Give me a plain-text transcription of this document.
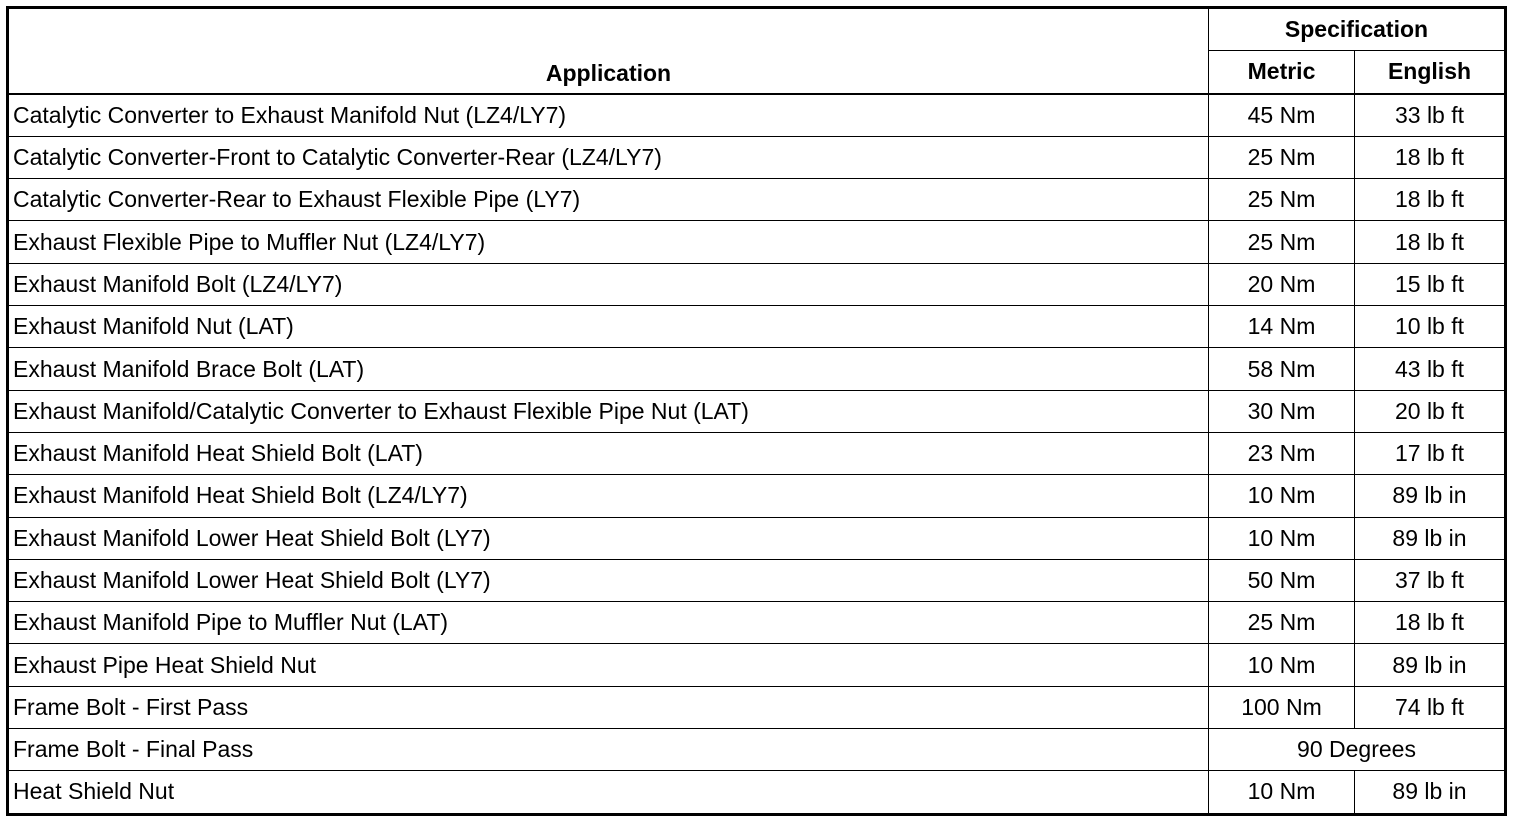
Application	Specification	
	Metric	English
Catalytic Converter to Exhaust Manifold Nut (LZ4/LY7)	45 Nm	33 lb ft
Catalytic Converter-Front to Catalytic Converter-Rear (LZ4/LY7)	25 Nm	18 lb ft
Catalytic Converter-Rear to Exhaust Flexible Pipe (LY7)	25 Nm	18 lb ft
Exhaust Flexible Pipe to Muffler Nut (LZ4/LY7)	25 Nm	18 lb ft
Exhaust Manifold Bolt (LZ4/LY7)	20 Nm	15 lb ft
Exhaust Manifold Nut (LAT)	14 Nm	10 lb ft
Exhaust Manifold Brace Bolt (LAT)	58 Nm	43 lb ft
Exhaust Manifold/Catalytic Converter to Exhaust Flexible Pipe Nut (LAT)	30 Nm	20 lb ft
Exhaust Manifold Heat Shield Bolt (LAT)	23 Nm	17 lb ft
Exhaust Manifold Heat Shield Bolt (LZ4/LY7)	10 Nm	89 lb in
Exhaust Manifold Lower Heat Shield Bolt (LY7)	10 Nm	89 lb in
Exhaust Manifold Lower Heat Shield Bolt (LY7)	50 Nm	37 lb ft
Exhaust Manifold Pipe to Muffler Nut (LAT)	25 Nm	18 lb ft
Exhaust Pipe Heat Shield Nut	10 Nm	89 lb in
Frame Bolt - First Pass	100 Nm	74 lb ft
Frame Bolt - Final Pass	90 Degrees	
Heat Shield Nut	10 Nm	89 lb in
